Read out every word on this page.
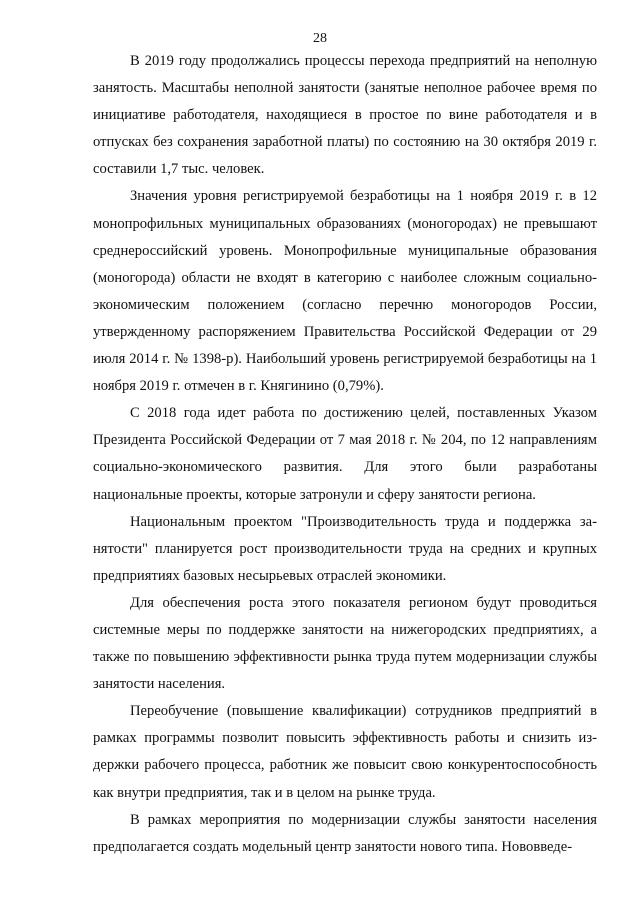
28

В 2019 году продолжались процессы перехода предприятий на неполную занятость. Масштабы неполной занятости (занятые неполное рабочее время по инициативе работодателя, находящиеся в простое по вине работодателя и в отпусках без сохранения заработной платы) по состоянию на 30 октября 2019 г. составили 1,7 тыс. человек.

Значения уровня регистрируемой безработицы на 1 ноября 2019 г. в 12 монопрофильных муниципальных образованиях (моногородах) не превышают среднероссийский уровень. Монопрофильные муниципальные образования (моногорода) области не входят в категорию с наиболее сложным социально-экономическим положением (согласно перечню моногородов России, утвержденному распоряжением Правительства Российской Федерации от 29 июля 2014 г. № 1398-р). Наибольший уровень регистрируемой безработицы на 1 ноября 2019 г. отмечен в г. Княгинино (0,79%).

С 2018 года идет работа по достижению целей, поставленных Указом Президента Российской Федерации от 7 мая 2018 г. № 204, по 12 направлениям социально-экономического развития. Для этого были разработаны национальные проекты, которые затронули и сферу занятости региона.

Национальным проектом "Производительность труда и поддержка занятости" планируется рост производительности труда на средних и крупных предприятиях базовых несырьевых отраслей экономики.

Для обеспечения роста этого показателя регионом будут проводиться системные меры по поддержке занятости на нижегородских предприятиях, а также по повышению эффективности рынка труда путем модернизации службы занятости населения.

Переобучение (повышение квалификации) сотрудников предприятий в рамках программы позволит повысить эффективность работы и снизить издержки рабочего процесса, работник же повысит свою конкурентоспособность как внутри предприятия, так и в целом на рынке труда.

В рамках мероприятия по модернизации службы занятости населения предполагается создать модельный центр занятости нового типа. Нововведе-
